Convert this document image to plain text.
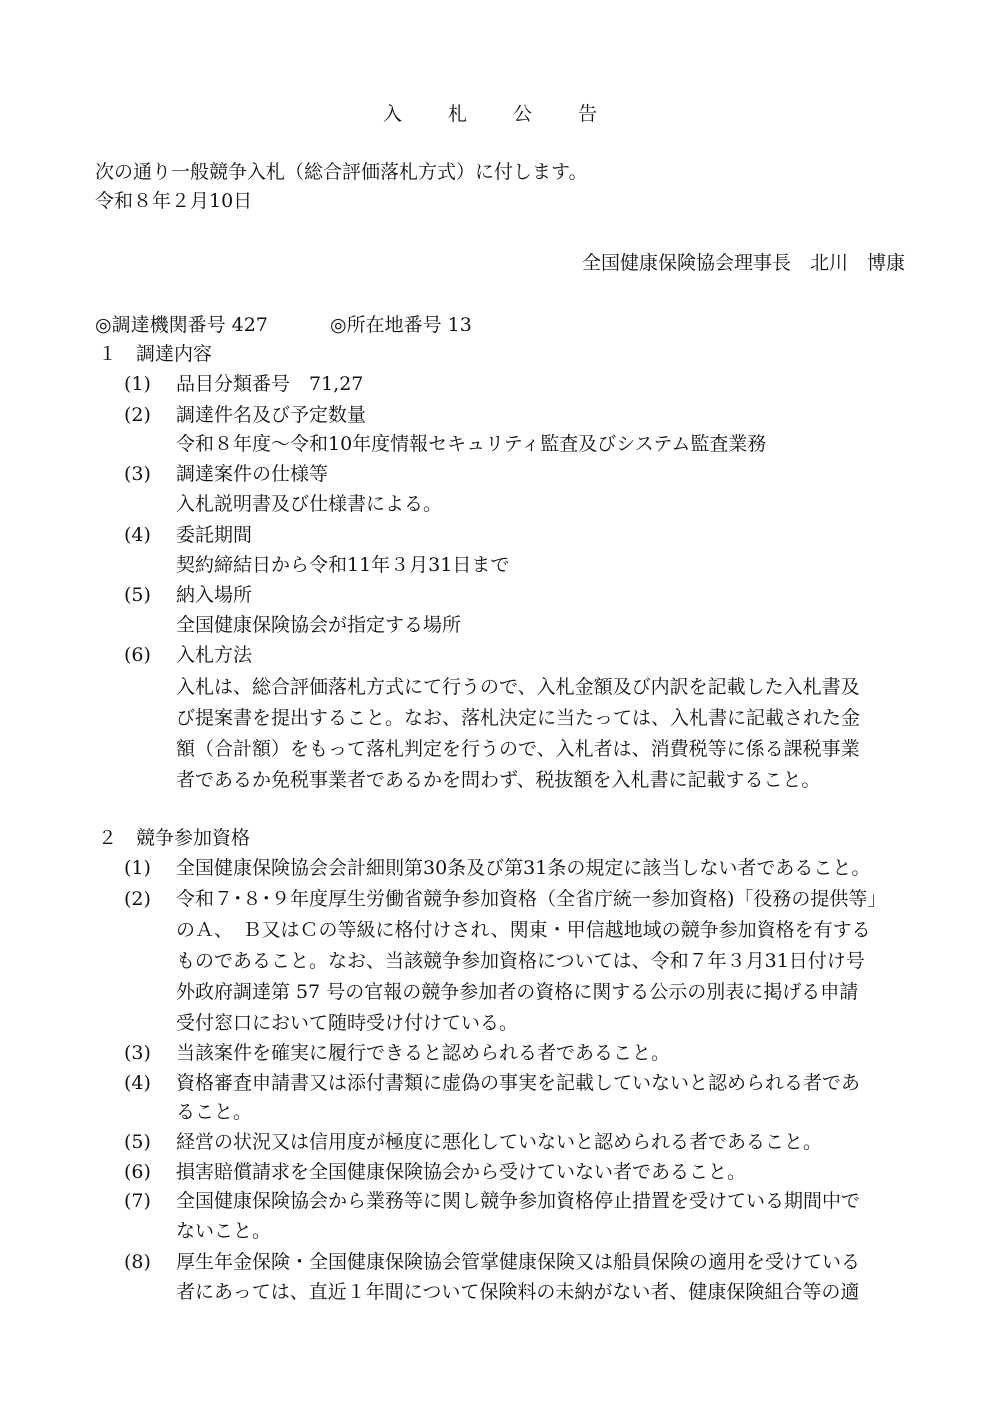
入 札 公 告
次の通り一般競争入札（総合評価落札方式）に付します。
令和８年２月10日
全国健康保険協会理事長　北川　博康
◎調達機関番号 427	◎所在地番号 13
１ 調達内容
(1) 品目分類番号　71,27
(2) 調達件名及び予定数量
令和８年度～令和10年度情報セキュリティ監査及びシステム監査業務
(3) 調達案件の仕様等
入札説明書及び仕様書による。
(4) 委託期間
契約締結日から令和11年３月31日まで
(5) 納入場所
全国健康保険協会が指定する場所
(6) 入札方法
入札は、総合評価落札方式にて行うので、入札金額及び内訳を記載した入札書及
び提案書を提出すること。なお、落札決定に当たっては、入札書に記載された金
額（合計額）をもって落札判定を行うので、入札者は、消費税等に係る課税事業
者であるか免税事業者であるかを問わず、税抜額を入札書に記載すること。
２ 競争参加資格
(1) 全国健康保険協会会計細則第30条及び第31条の規定に該当しない者であること。
(2) 令和７･８･９年度厚生労働省競争参加資格（全省庁統一参加資格)「役務の提供等」
のＡ、　Ｂ又はＣの等級に格付けされ、関東・甲信越地域の競争参加資格を有する
ものであること。なお、当該競争参加資格については、令和７年３月31日付け号
外政府調達第 57 号の官報の競争参加者の資格に関する公示の別表に掲げる申請
受付窓口において随時受け付けている。
(3) 当該案件を確実に履行できると認められる者であること。
(4) 資格審査申請書又は添付書類に虚偽の事実を記載していないと認められる者であ
ること。
(5) 経営の状況又は信用度が極度に悪化していないと認められる者であること。
(6) 損害賠償請求を全国健康保険協会から受けていない者であること。
(7) 全国健康保険協会から業務等に関し競争参加資格停止措置を受けている期間中で
ないこと。
(8) 厚生年金保険・全国健康保険協会管掌健康保険又は船員保険の適用を受けている
者にあっては、直近１年間について保険料の未納がない者、健康保険組合等の適
